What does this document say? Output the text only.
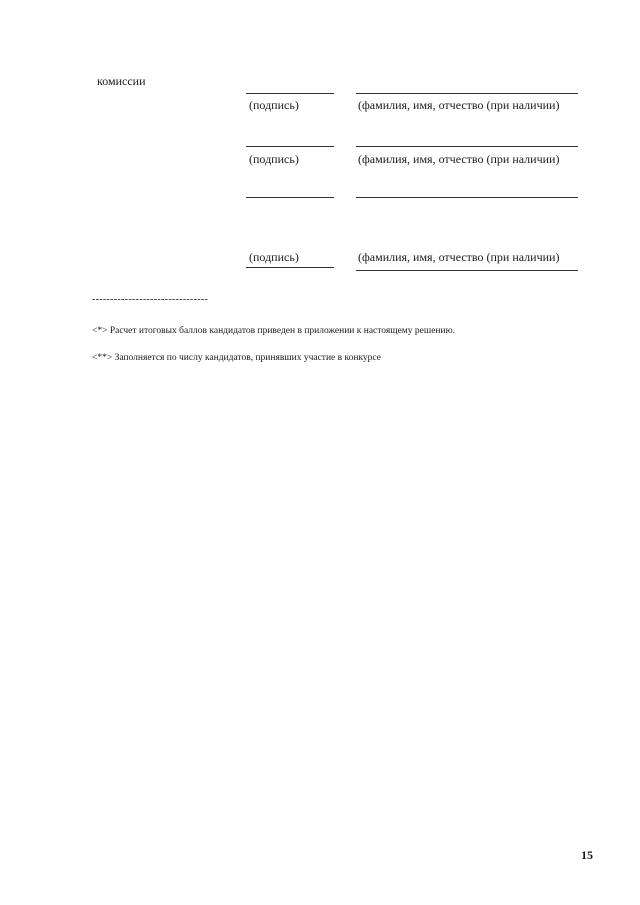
комиссии
(подпись)	(фамилия, имя, отчество (при наличии)
(подпись)	(фамилия, имя, отчество (при наличии)
(подпись)	(фамилия, имя, отчество (при наличии)
--------------------------------
<*> Расчет итоговых баллов кандидатов приведен в приложении к настоящему решению.
<**> Заполняется по числу кандидатов, принявших участие в конкурсе
15
